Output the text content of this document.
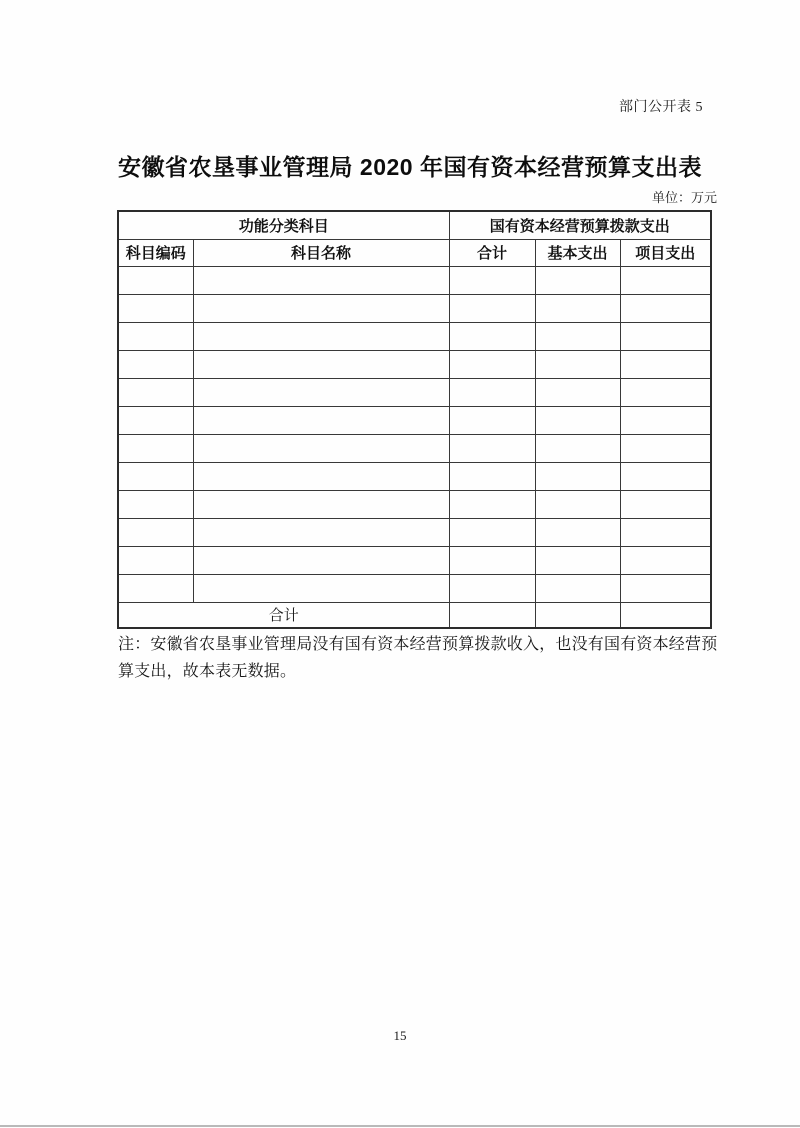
部门公开表 5
安徽省农垦事业管理局 2020 年国有资本经营预算支出表
单位：万元
功能分类科目		国有资本经营预算拨款支出		
科目编码	科目名称	合计	基本支出	项目支出

合计				
注：安徽省农垦事业管理局没有国有资本经营预算拨款收入，也没有国有资本经营预
算支出，故本表无数据。
15
